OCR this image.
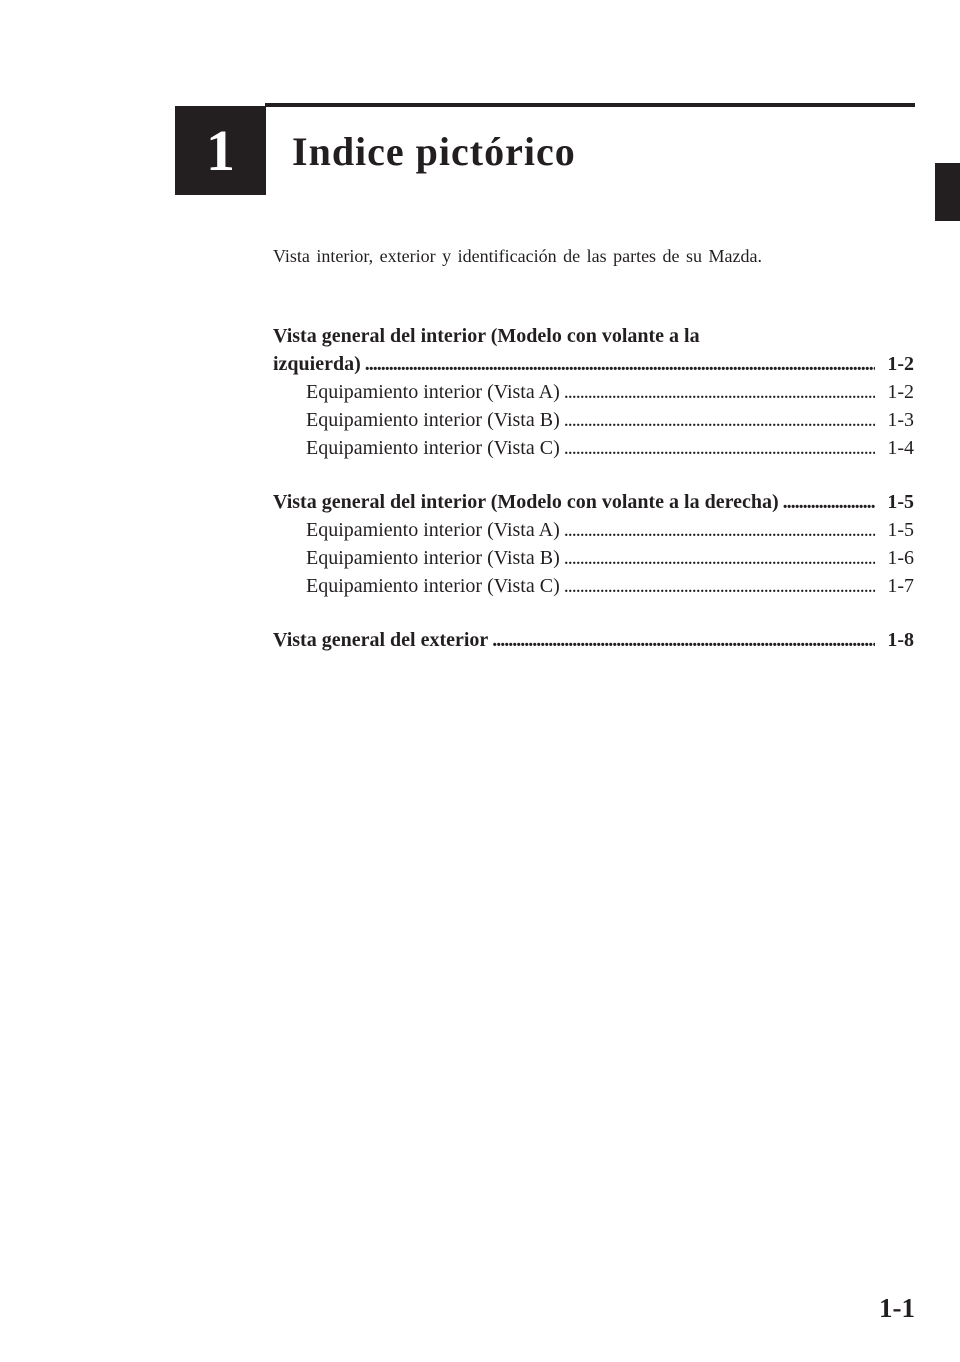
1 Indice pictórico
Vista interior, exterior y identificación de las partes de su Mazda.
Vista general del interior (Modelo con volante a la
izquierda) . . .	1-2
Equipamiento interior (Vista A) . . .	1-2
Equipamiento interior (Vista B) . . .	1-3
Equipamiento interior (Vista C) . . .	1-4
Vista general del interior (Modelo con volante a la derecha) . . .	1-5
Equipamiento interior (Vista A) . . .	1-5
Equipamiento interior (Vista B) . . .	1-6
Equipamiento interior (Vista C) . . .	1-7
Vista general del exterior . . .	1-8
1-1
